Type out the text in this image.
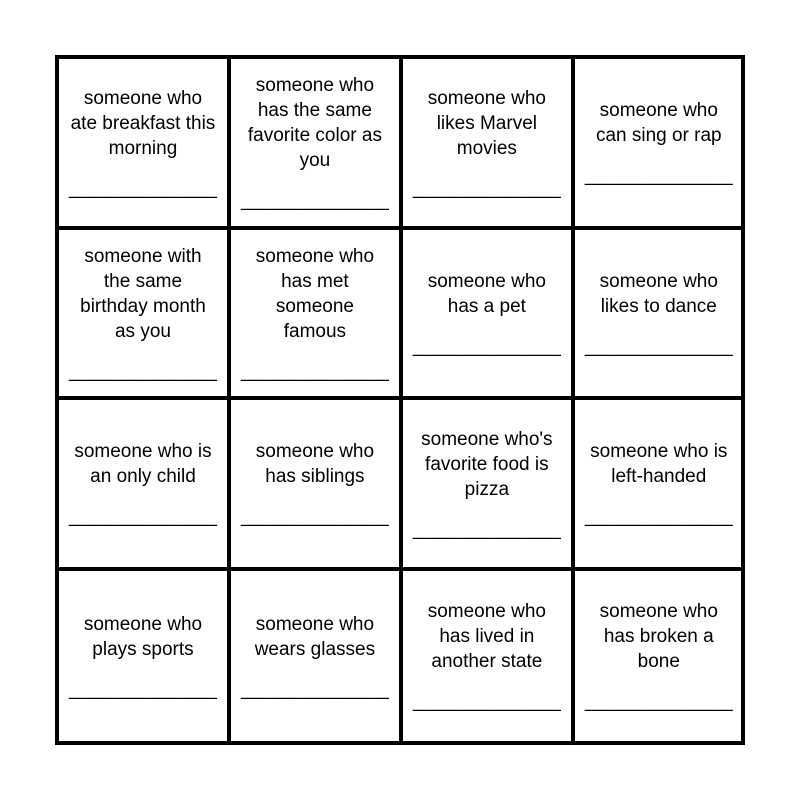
someone who ate breakfast this morning
______________
someone who has the same favorite color as you
______________
someone who likes Marvel movies
______________
someone who can sing or rap
______________
someone with the same birthday month as you
______________
someone who has met someone famous
______________
someone who has a pet
______________
someone who likes to dance
______________
someone who is an only child
______________
someone who has siblings
______________
someone who's favorite food is pizza
______________
someone who is left-handed
______________
someone who plays sports
______________
someone who wears glasses
______________
someone who has lived in another state
______________
someone who has broken a bone
______________
